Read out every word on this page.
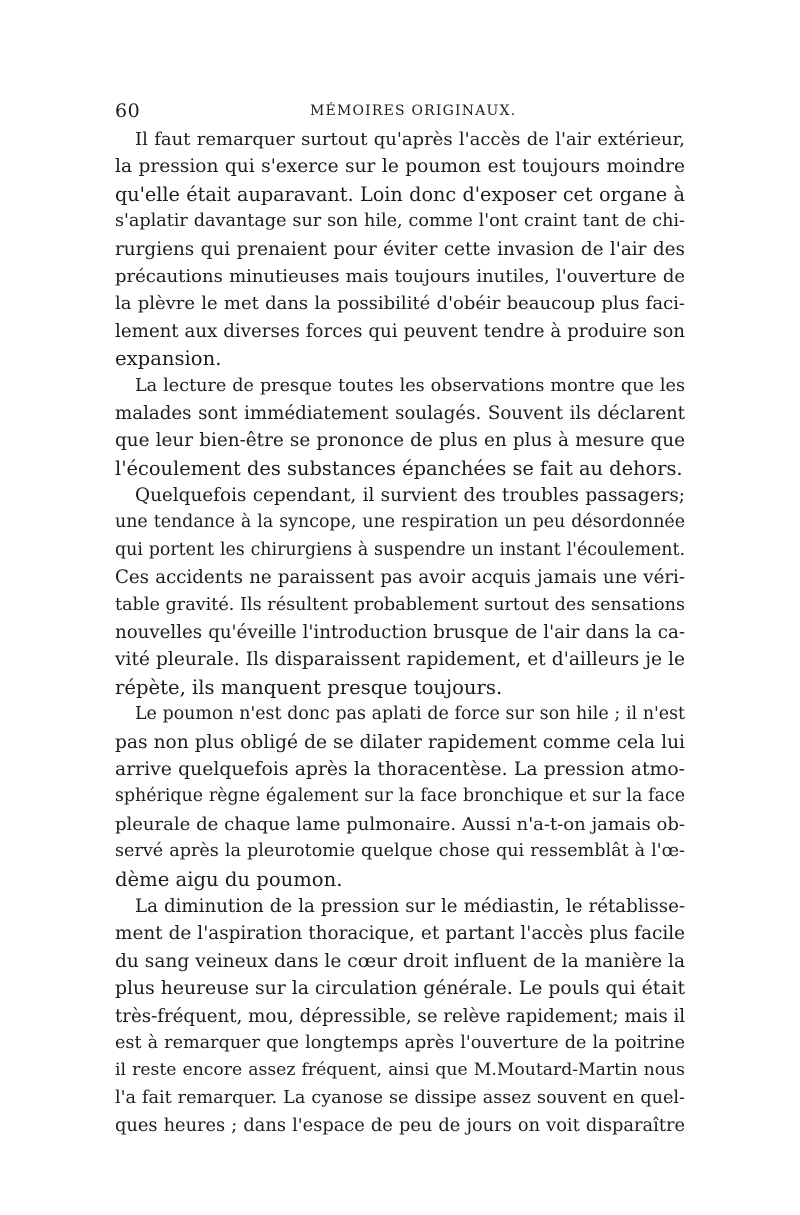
60	MÉMOIRES ORIGINAUX.
Il faut remarquer surtout qu'après l'accès de l'air extérieur,
la pression qui s'exerce sur le poumon est toujours moindre
qu'elle était auparavant. Loin donc d'exposer cet organe à
s'aplatir davantage sur son hile, comme l'ont craint tant de chi-
rurgiens qui prenaient pour éviter cette invasion de l'air des
précautions minutieuses mais toujours inutiles, l'ouverture de
la plèvre le met dans la possibilité d'obéir beaucoup plus faci-
lement aux diverses forces qui peuvent tendre à produire son
expansion.
La lecture de presque toutes les observations montre que les
malades sont immédiatement soulagés. Souvent ils déclarent
que leur bien-être se prononce de plus en plus à mesure que
l'écoulement des substances épanchées se fait au dehors.
Quelquefois cependant, il survient des troubles passagers;
une tendance à la syncope, une respiration un peu désordonnée
qui portent les chirurgiens à suspendre un instant l'écoulement.
Ces accidents ne paraissent pas avoir acquis jamais une véri-
table gravité. Ils résultent probablement surtout des sensations
nouvelles qu'éveille l'introduction brusque de l'air dans la ca-
vité pleurale. Ils disparaissent rapidement, et d'ailleurs je le
répète, ils manquent presque toujours.
Le poumon n'est donc pas aplati de force sur son hile ; il n'est
pas non plus obligé de se dilater rapidement comme cela lui
arrive quelquefois après la thoracentèse. La pression atmo-
sphérique règne également sur la face bronchique et sur la face
pleurale de chaque lame pulmonaire. Aussi n'a-t-on jamais ob-
servé après la pleurotomie quelque chose qui ressemblât à l'œ-
dème aigu du poumon.
La diminution de la pression sur le médiastin, le rétablisse-
ment de l'aspiration thoracique, et partant l'accès plus facile
du sang veineux dans le cœur droit influent de la manière la
plus heureuse sur la circulation générale. Le pouls qui était
très-fréquent, mou, dépressible, se relève rapidement; mais il
est à remarquer que longtemps après l'ouverture de la poitrine
il reste encore assez fréquent, ainsi que M.Moutard-Martin nous
l'a fait remarquer. La cyanose se dissipe assez souvent en quel-
ques heures ; dans l'espace de peu de jours on voit disparaître
